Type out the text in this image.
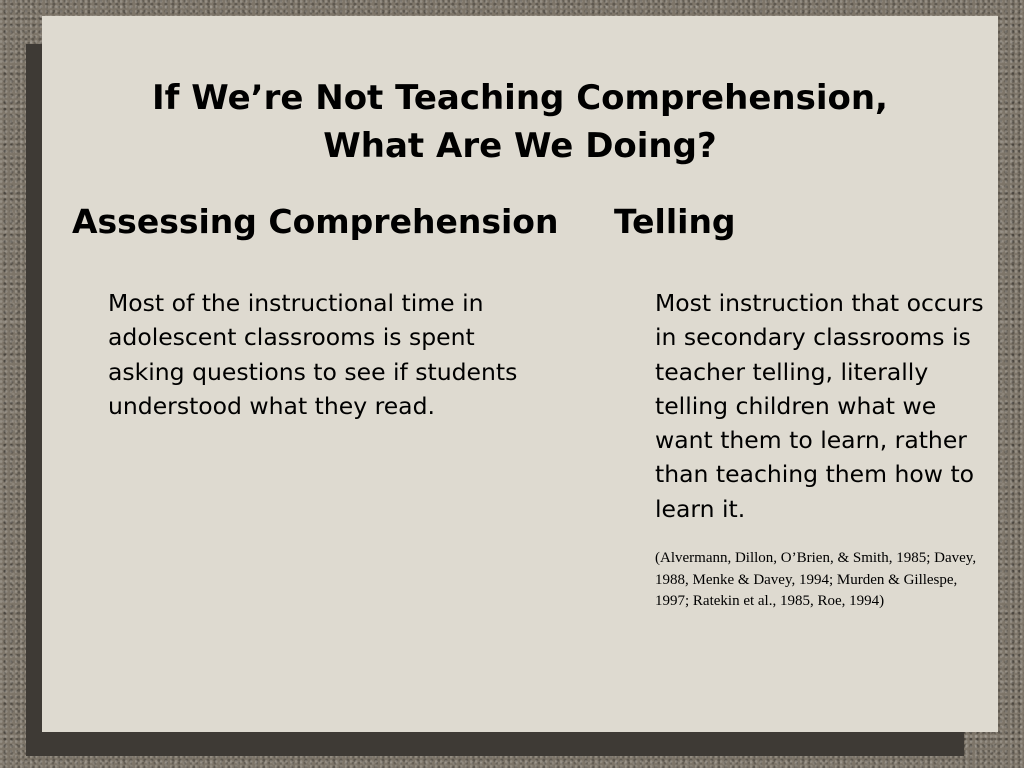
If We’re Not Teaching Comprehension,
What Are We Doing?
Assessing Comprehension Telling

Most of the instructional time in adolescent classrooms is spent asking questions to see if students understood what they read.

Most instruction that occurs in secondary classrooms is teacher telling, literally telling children what we want them to learn, rather than teaching them how to learn it.

(Alvermann, Dillon, O’Brien, & Smith, 1985; Davey, 1988, Menke & Davey, 1994; Murden & Gillespe, 1997; Ratekin et al., 1985, Roe, 1994)
